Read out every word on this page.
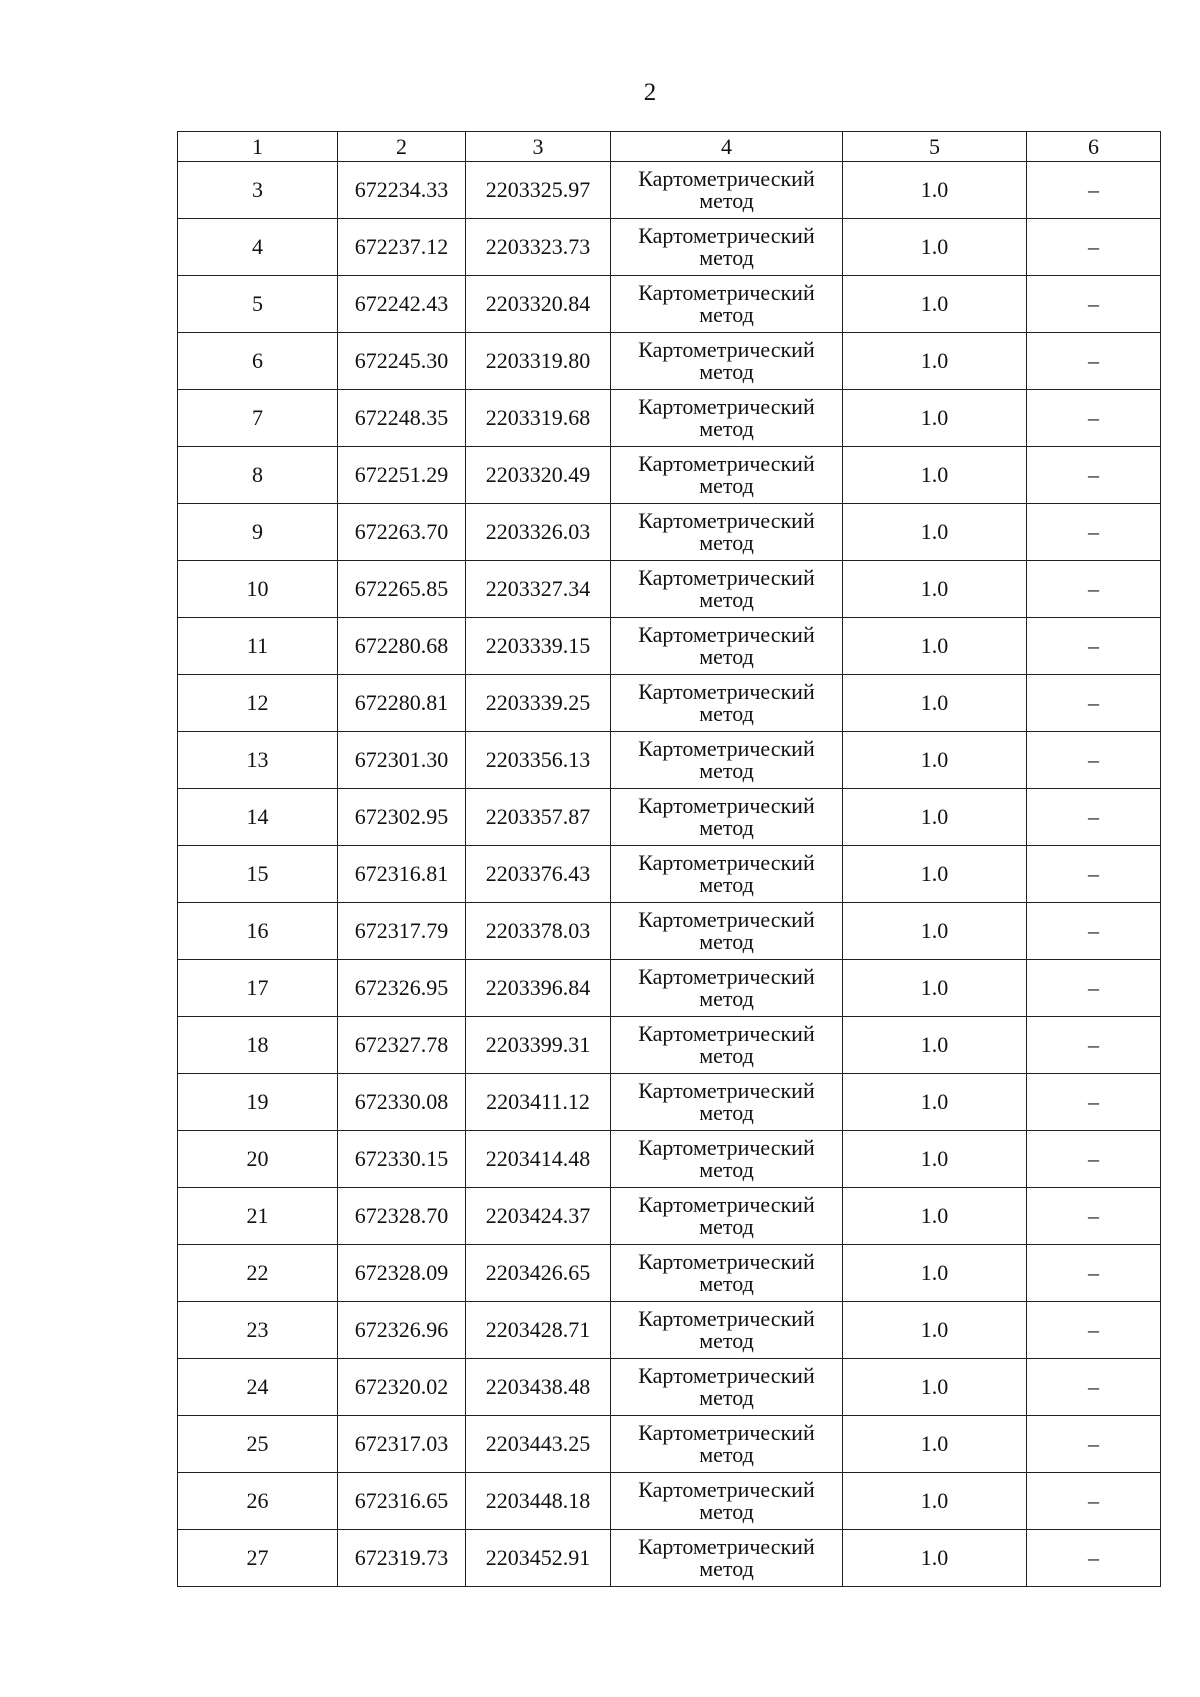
2
1	2	3	4	5	6
3	672234.33	2203325.97	Картометрический метод	1.0	–
4	672237.12	2203323.73	Картометрический метод	1.0	–
5	672242.43	2203320.84	Картометрический метод	1.0	–
6	672245.30	2203319.80	Картометрический метод	1.0	–
7	672248.35	2203319.68	Картометрический метод	1.0	–
8	672251.29	2203320.49	Картометрический метод	1.0	–
9	672263.70	2203326.03	Картометрический метод	1.0	–
10	672265.85	2203327.34	Картометрический метод	1.0	–
11	672280.68	2203339.15	Картометрический метод	1.0	–
12	672280.81	2203339.25	Картометрический метод	1.0	–
13	672301.30	2203356.13	Картометрический метод	1.0	–
14	672302.95	2203357.87	Картометрический метод	1.0	–
15	672316.81	2203376.43	Картометрический метод	1.0	–
16	672317.79	2203378.03	Картометрический метод	1.0	–
17	672326.95	2203396.84	Картометрический метод	1.0	–
18	672327.78	2203399.31	Картометрический метод	1.0	–
19	672330.08	2203411.12	Картометрический метод	1.0	–
20	672330.15	2203414.48	Картометрический метод	1.0	–
21	672328.70	2203424.37	Картометрический метод	1.0	–
22	672328.09	2203426.65	Картометрический метод	1.0	–
23	672326.96	2203428.71	Картометрический метод	1.0	–
24	672320.02	2203438.48	Картометрический метод	1.0	–
25	672317.03	2203443.25	Картометрический метод	1.0	–
26	672316.65	2203448.18	Картометрический метод	1.0	–
27	672319.73	2203452.91	Картометрический метод	1.0	–
